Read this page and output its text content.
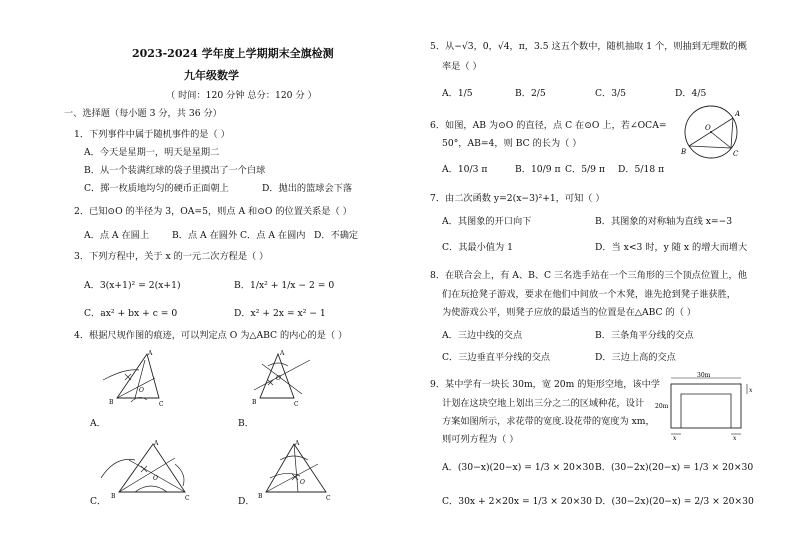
2023-2024 学年度上学期期末全旗检测
九年级数学
（ 时间：120 分钟 总分：120 分 ）
一、选择题（每小题 3 分，共 36 分）
1．下列事件中属于随机事件的是（ ）
A．今天是星期一，明天是星期二
B．从一个装满红球的袋子里摸出了一个白球
C．掷一枚质地均匀的硬币正面朝上	D．抛出的篮球会下落
2．已知⊙O 的半径为 3，OA=5，则点 A 和⊙O 的位置关系是（ ）
A．点 A 在圆上 B．点 A 在圆外 C．点 A 在圆内 D．不确定
3．下列方程中，关于 x 的一元二次方程是（ ）
A．3(x+1)² = 2(x+1)	B． 1/x² + 1/x − 2 = 0
C．ax² + bx + c = 0	D．x² + 2x = x² − 1
4．根据尺规作图的痕迹，可以判定点 O 为△ABC 的内心的是（ ）
A
B	C
O
A．
A
B	C
O
B．
A
B	C
O
C．
A
B	C
O
D．
5．从−√3，0，√4，π，3.5 这五个数中，随机抽取 1 个，则抽到无理数的概
率是（ ）
A．1/5	B．2/5	C．3/5	D．4/5
6．如图，AB 为⊙O 的直径，点 C 在⊙O 上，若∠OCA=
50°，AB=4，则 BC 的长为（ ）
A．10/3 π	B．10/9 π C．5/9 π D．5/18 π
A
B	C
O
7．由二次函数 y=2(x−3)²+1，可知（ ）
A．其图象的开口向下	B．其图象的对称轴为直线 x=−3
C．其最小值为 1	D．当 x<3 时，y 随 x 的增大而增大
8．在联合会上，有 A、B、C 三名选手站在一个三角形的三个顶点位置上，他
们在玩抢凳子游戏，要求在他们中间放一个木凳，谁先抢到凳子谁获胜，
为使游戏公平，则凳子应放的最适当的位置是在△ABC 的（ ）
A．三边中线的交点	B．三条角平分线的交点
C．三边垂直平分线的交点	D．三边上高的交点
9．某中学有一块长 30m，宽 20m 的矩形空地，该中学
计划在这块空地上划出三分之二的区域种花，设计
方案如图所示，求花带的宽度.设花带的宽度为 xm，
则可列方程为（ ）
30m
20m
x	x
x
A．(30−x)(20−x) = 1/3 × 20×30 B．(30−2x)(20−x) = 1/3 × 20×30
C．30x + 2×20x = 1/3 × 20×30 D．(30−2x)(20−x) = 2/3 × 20×30
